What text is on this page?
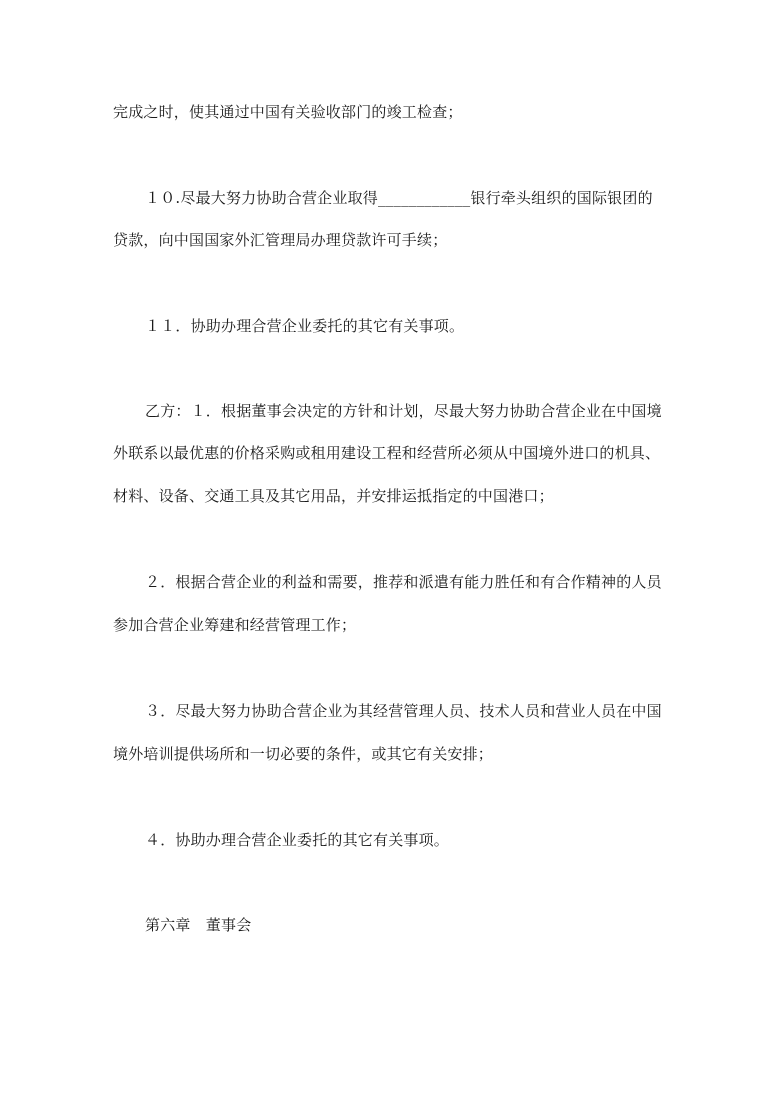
完成之时，使其通过中国有关验收部门的竣工检查；
１０.尽最大努力协助合营企业取得____________银行牵头组织的国际银团的
贷款，向中国国家外汇管理局办理贷款许可手续；
１１．协助办理合营企业委托的其它有关事项。
乙方：１．根据董事会决定的方针和计划，尽最大努力协助合营企业在中国境
外联系以最优惠的价格采购或租用建设工程和经营所必须从中国境外进口的机具、
材料、设备、交通工具及其它用品，并安排运抵指定的中国港口；
２．根据合营企业的利益和需要，推荐和派遣有能力胜任和有合作精神的人员
参加合营企业筹建和经营管理工作；
３．尽最大努力协助合营企业为其经营管理人员、技术人员和营业人员在中国
境外培训提供场所和一切必要的条件，或其它有关安排；
４．协助办理合营企业委托的其它有关事项。
第六章　董事会
